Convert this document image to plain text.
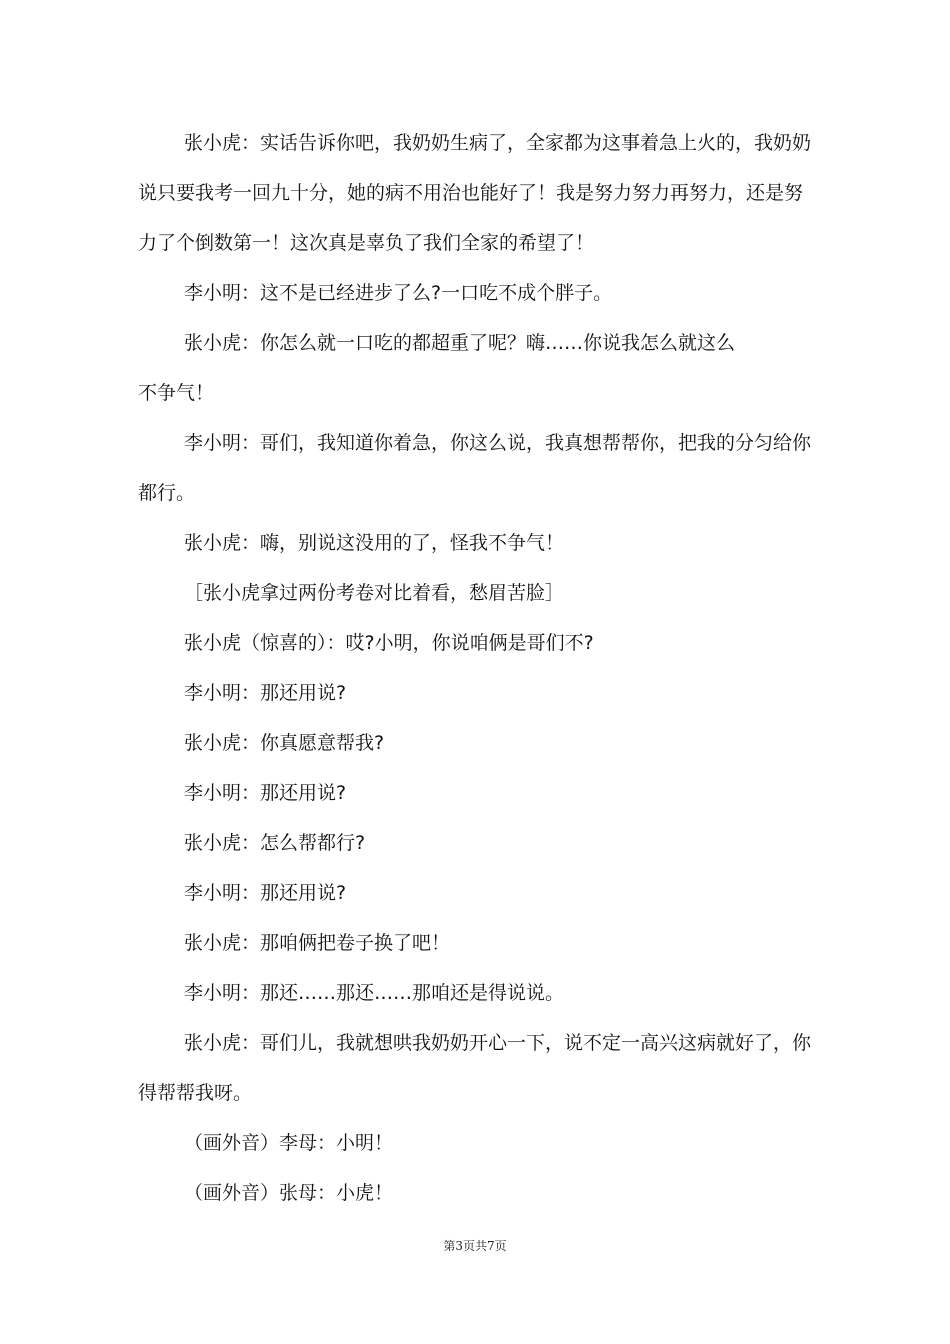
张小虎：实话告诉你吧，我奶奶生病了，全家都为这事着急上火的，我奶奶说只要我考一回九十分，她的病不用治也能好了！我是努力努力再努力，还是努力了个倒数第一！这次真是辜负了我们全家的希望了！

李小明：这不是已经进步了么?一口吃不成个胖子。

张小虎：你怎么就一口吃的都超重了呢？嗨……你说我怎么就这么不争气！

李小明：哥们，我知道你着急，你这么说，我真想帮帮你，把我的分匀给你都行。

张小虎：嗨，别说这没用的了，怪我不争气！

［张小虎拿过两份考卷对比着看，愁眉苦脸］

张小虎（惊喜的）：哎?小明，你说咱俩是哥们不?

李小明：那还用说?

张小虎：你真愿意帮我?

李小明：那还用说?

张小虎：怎么帮都行?

李小明：那还用说?

张小虎：那咱俩把卷子换了吧！

李小明：那还……那还……那咱还是得说说。

张小虎：哥们儿，我就想哄我奶奶开心一下，说不定一高兴这病就好了，你得帮帮我呀。

（画外音）李母：小明！

（画外音）张母：小虎！

第3页共7页
